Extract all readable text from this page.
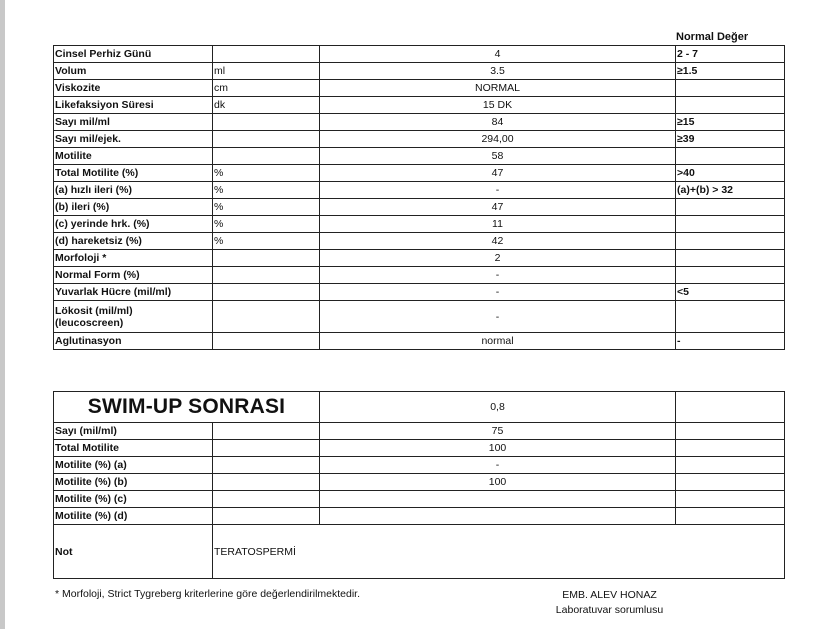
Normal Değer
Cinsel Perhiz Günü		4	2 - 7

Volum	ml	3.5	≥1.5

Viskozite	cm	NORMAL	

Likefaksiyon Süresi	dk	15 DK	

Sayı mil/ml		84	≥15

Sayı mil/ejek.		294,00	≥39

Motilite		58	

Total Motilite (%)	%	47	>40

(a) hızlı ileri (%)	%	-	(a)+(b) > 32

(b) ileri (%)	%	47	

(c) yerinde hrk. (%)	%	11	

(d) hareketsiz (%)	%	42	

Morfoloji *		2	

Normal Form (%)		-	

Yuvarlak Hücre (mil/ml)		-	<5

Lökosit (mil/ml)
(leucoscreen)		-	

Aglutinasyon		normal	-
SWIM-UP SONRASI		0,8	
Sayı (mil/ml)		75	
Total Motilite		100	
Motilite (%) (a)		-	
Motilite (%) (b)		100	
Motilite (%) (c)			
Motilite (%) (d)			
Not	TERATOSPERMİ		
* Morfoloji, Strict Tygreberg kriterlerine göre değerlendirilmektedir.	EMB. ALEV HONAZ
Laboratuvar sorumlusu
